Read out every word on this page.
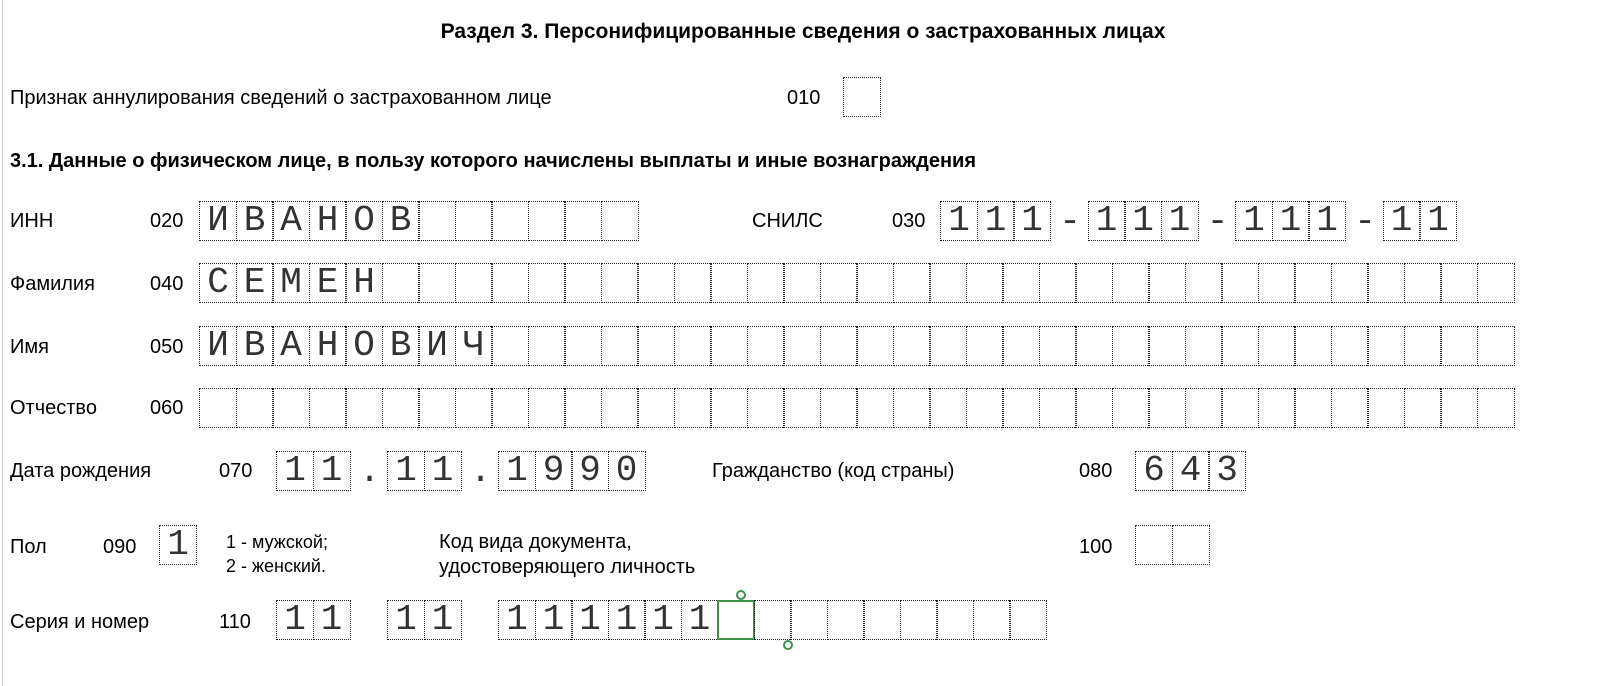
Раздел 3. Персонифицированные сведения о застрахованных лицах
Признак аннулирования сведений о застрахованном лице	010
3.1. Данные о физическом лице, в пользу которого начислены выплаты и иные вознаграждения
ИНН	020 И В А Н О В	СНИЛС	030 1 1 1 - 1 1 1 - 1 1 1 - 1 1
Фамилия	040 С Е М Е Н
Имя	050 И В А Н О В И Ч
Отчество	060
Дата рождения	070 1 1 . 1 1 . 1 9 9 0	Гражданство (код страны)	080 6 4 3
Пол	090 1	1 - мужской;
2 - женский.
Код вида документа,
удостоверяющего личность
100
Серия и номер	110 1 1 1 1 1 1 1 1 1 1
